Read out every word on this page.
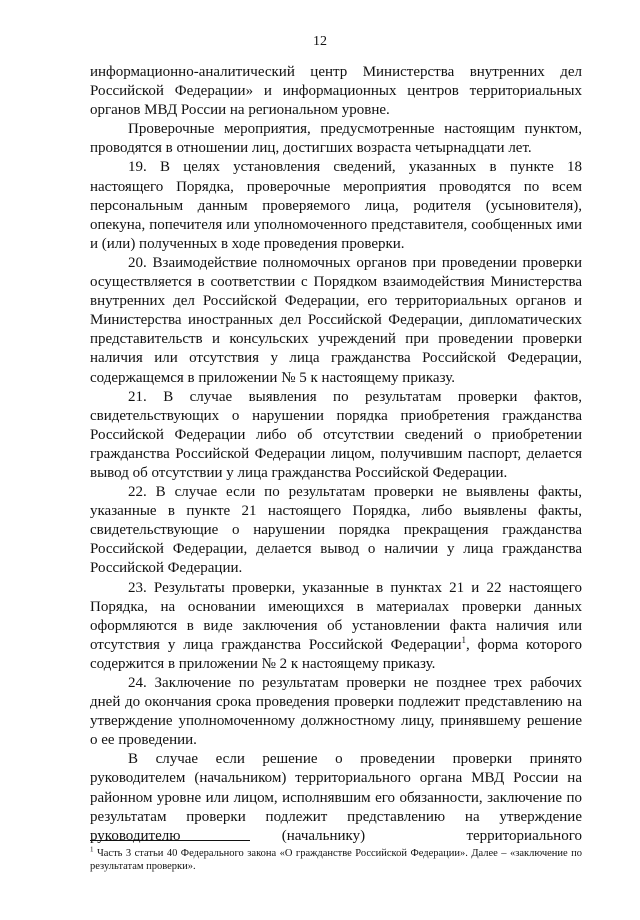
12

информационно-аналитический центр Министерства внутренних дел Российской Федерации» и информационных центров территориальных органов МВД России на региональном уровне.

Проверочные мероприятия, предусмотренные настоящим пунктом, проводятся в отношении лиц, достигших возраста четырнадцати лет.

19. В целях установления сведений, указанных в пункте 18 настоящего Порядка, проверочные мероприятия проводятся по всем персональным данным проверяемого лица, родителя (усыновителя), опекуна, попечителя или уполномоченного представителя, сообщенных ими и (или) полученных в ходе проведения проверки.

20. Взаимодействие полномочных органов при проведении проверки осуществляется в соответствии с Порядком взаимодействия Министерства внутренних дел Российской Федерации, его территориальных органов и Министерства иностранных дел Российской Федерации, дипломатических представительств и консульских учреждений при проведении проверки наличия или отсутствия у лица гражданства Российской Федерации, содержащемся в приложении № 5 к настоящему приказу.

21. В случае выявления по результатам проверки фактов, свидетельствующих о нарушении порядка приобретения гражданства Российской Федерации либо об отсутствии сведений о приобретении гражданства Российской Федерации лицом, получившим паспорт, делается вывод об отсутствии у лица гражданства Российской Федерации.

22. В случае если по результатам проверки не выявлены факты, указанные в пункте 21 настоящего Порядка, либо выявлены факты, свидетельствующие о нарушении порядка прекращения гражданства Российской Федерации, делается вывод о наличии у лица гражданства Российской Федерации.

23. Результаты проверки, указанные в пунктах 21 и 22 настоящего Порядка, на основании имеющихся в материалах проверки данных оформляются в виде заключения об установлении факта наличия или отсутствия у лица гражданства Российской Федерации$^1$, форма которого содержится в приложении № 2 к настоящему приказу.

24. Заключение по результатам проверки не позднее трех рабочих дней до окончания срока проведения проверки подлежит представлению на утверждение уполномоченному должностному лицу, принявшему решение о ее проведении.

В случае если решение о проведении проверки принято руководителем (начальником) территориального органа МВД России на районном уровне или лицом, исполнявшим его обязанности, заключение по результатам проверки подлежит представлению на утверждение руководителю (начальнику) территориального

$^1$ Часть 3 статьи 40 Федерального закона «О гражданстве Российской Федерации». Далее – «заключение по результатам проверки».
